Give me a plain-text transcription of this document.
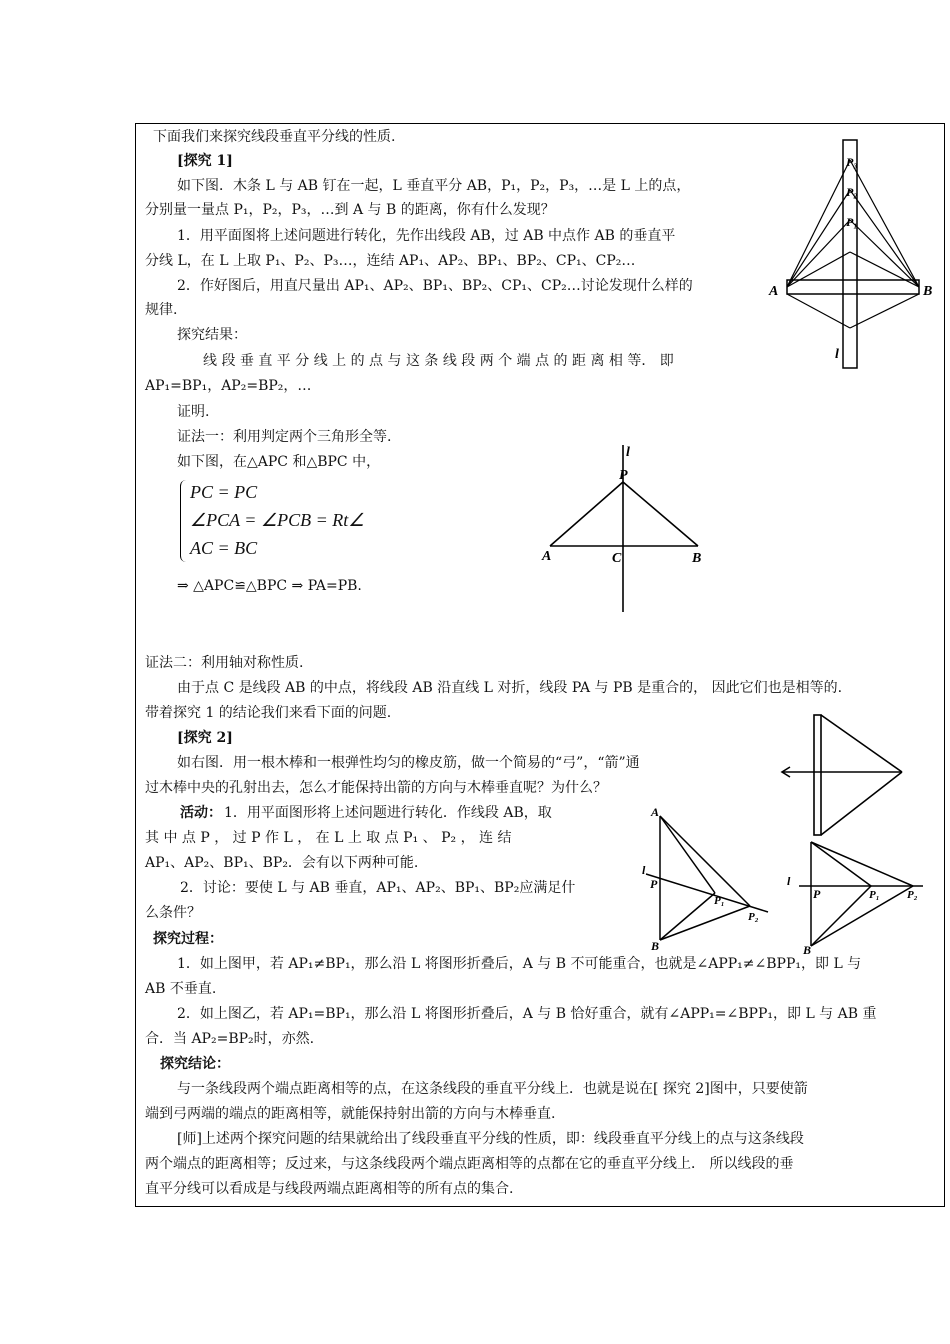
下面我们来探究线段垂直平分线的性质.
[探究 1]
如下图．木条 L 与 AB 钉在一起，L 垂直平分 AB，P₁，P₂，P₃，…是 L 上的点，
分别量一量点 P₁，P₂，P₃，…到 A 与 B 的距离，你有什么发现？
1．用平面图将上述问题进行转化，先作出线段 AB，过 AB 中点作 AB 的垂直平
分线 L，在 L 上取 P₁、P₂、P₃…，连结 AP₁、AP₂、BP₁、BP₂、CP₁、CP₂…
2．作好图后，用直尺量出 AP₁、AP₂、BP₁、BP₂、CP₁、CP₂…讨论发现什么样的
规律.
探究结果：
线 段 垂 直 平 分 线 上 的 点 与 这 条 线 段 两 个 端 点 的 距 离 相 等． 即
AP₁=BP₁，AP₂=BP₂，…
证明.
证法一：利用判定两个三角形全等.
如下图，在△APC 和△BPC 中，
PC = PC
∠PCA = ∠PCB = Rt∠
AC = BC
⇒ △APC≌△BPC ⇒ PA=PB.
证法二：利用轴对称性质.
由于点 C 是线段 AB 的中点，将线段 AB 沿直线 L 对折，线段 PA 与 PB 是重合的， 因此它们也是相等的.
带着探究 1 的结论我们来看下面的问题.
[探究 2]
如右图．用一根木棒和一根弹性均匀的橡皮筋，做一个简易的“弓”，“箭”通
过木棒中央的孔射出去，怎么才能保持出箭的方向与木棒垂直呢？为什么？
活动： 1．用平面图形将上述问题进行转化．作线段 AB，取
其 中 点 P ， 过 P 作 L ， 在 L 上 取 点 P₁ 、 P₂ ， 连 结
AP₁、AP₂、BP₁、BP₂．会有以下两种可能.
2．讨论：要使 L 与 AB 垂直，AP₁、AP₂、BP₁、BP₂应满足什
么条件？
探究过程：
1．如上图甲，若 AP₁≠BP₁，那么沿 L 将图形折叠后，A 与 B 不可能重合，也就是∠APP₁≠∠BPP₁，即 L 与
AB 不垂直.
2．如上图乙，若 AP₁=BP₁，那么沿 L 将图形折叠后，A 与 B 恰好重合，就有∠APP₁=∠BPP₁，即 L 与 AB 重
合．当 AP₂=BP₂时，亦然.
探究结论：
与一条线段两个端点距离相等的点，在这条线段的垂直平分线上．也就是说在[ 探究 2]图中，只要使箭
端到弓两端的端点的距离相等，就能保持射出箭的方向与木棒垂直.
[师]上述两个探究问题的结果就给出了线段垂直平分线的性质，即：线段垂直平分线上的点与这条线段
两个端点的距离相等；反过来，与这条线段两个端点距离相等的点都在它的垂直平分线上． 所以线段的垂
直平分线可以看成是与线段两端点距离相等的所有点的集合.
P₃
P₂
P₁
A	B
l
l
P
A	C	B
A
l
P
P₁
P₂
B
l
P	P₁ P₂
B
